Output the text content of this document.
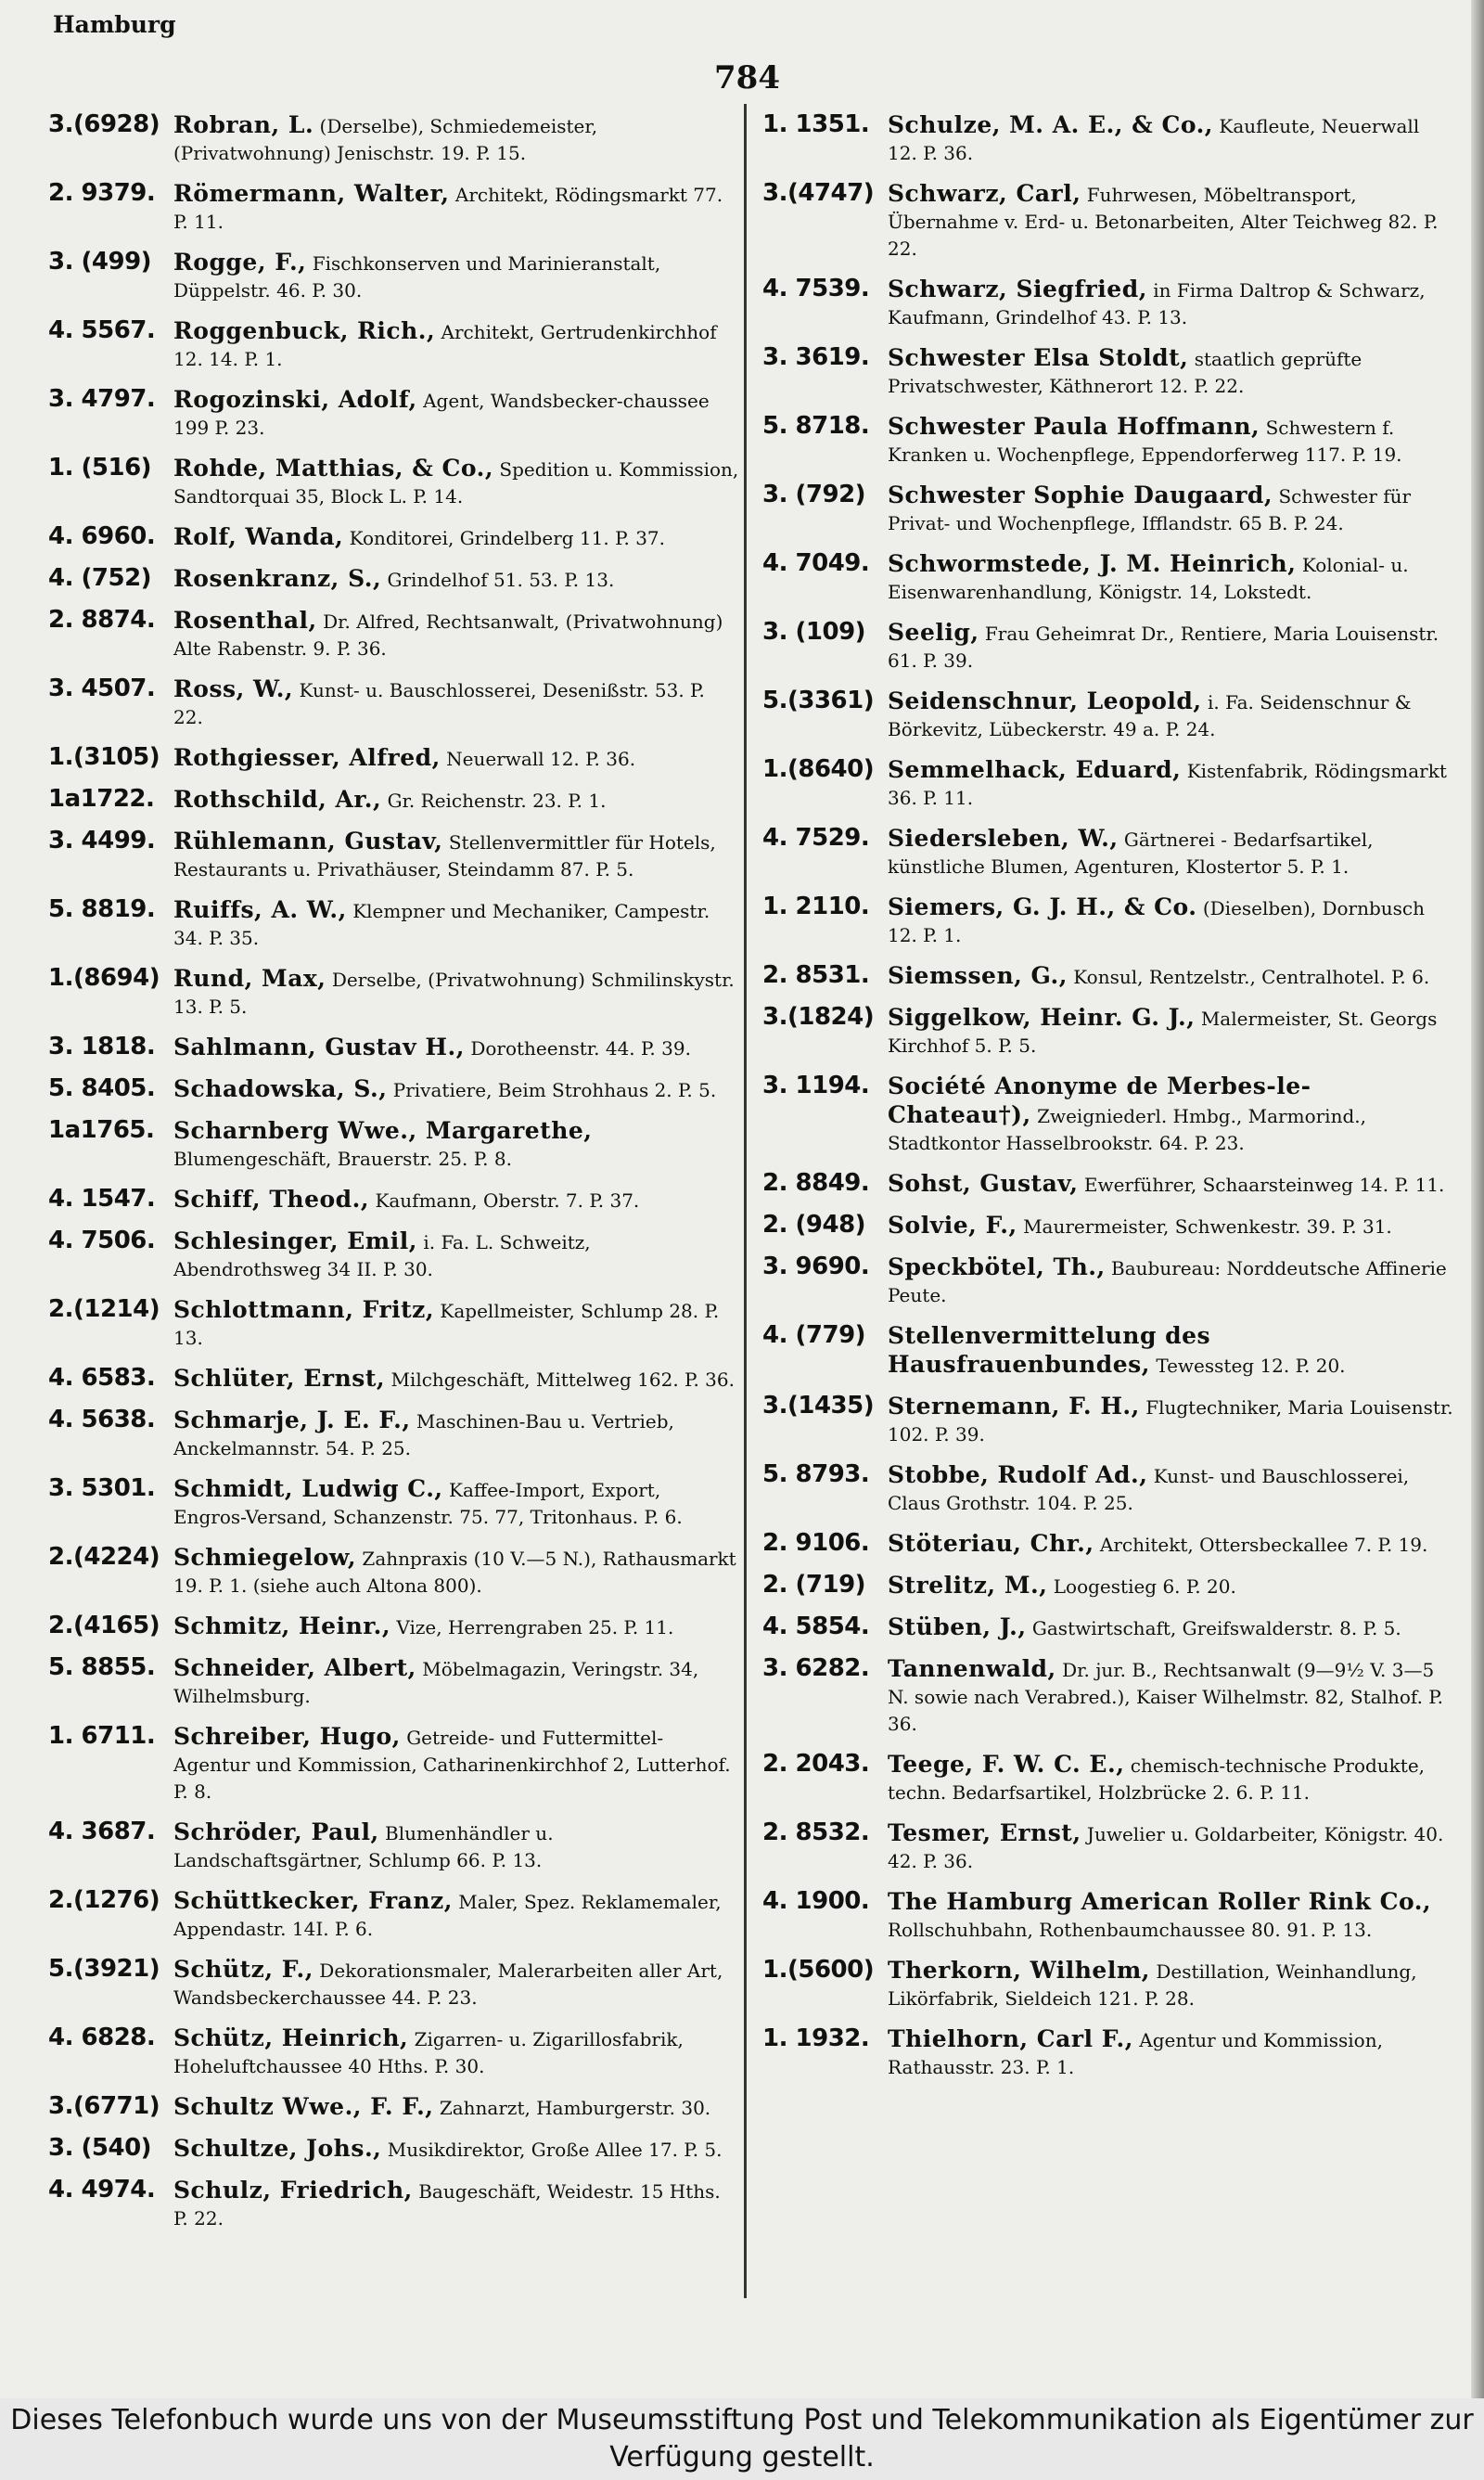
Hamburg
784
3.(6928) Robran, L. (Derselbe), Schmiedemeister, (Privatwohnung) Jenischstr. 19. P. 15.
2. 9379. Römermann, Walter, Architekt, Rödingsmarkt 77. P. 11.
3. (499) Rogge, F., Fischkonserven und Marinieranstalt, Düppelstr. 46. P. 30.
4. 5567. Roggenbuck, Rich., Architekt, Gertrudenkirchhof 12. 14. P. 1.
3. 4797. Rogozinski, Adolf, Agent, Wandsbecker-chaussee 199 P. 23.
1. (516) Rohde, Matthias, & Co., Spedition u. Kommission, Sandtorquai 35, Block L. P. 14.
4. 6960. Rolf, Wanda, Konditorei, Grindelberg 11. P. 37.
4. (752) Rosenkranz, S., Grindelhof 51. 53. P. 13.
2. 8874. Rosenthal, Dr. Alfred, Rechtsanwalt, (Privatwohnung) Alte Rabenstr. 9. P. 36.
3. 4507. Ross, W., Kunst- u. Bauschlosserei, Desenißstr. 53. P. 22.
1.(3105) Rothgiesser, Alfred, Neuerwall 12. P. 36.
1a1722. Rothschild, Ar., Gr. Reichenstr. 23. P. 1.
3. 4499. Rühlemann, Gustav, Stellenvermittler für Hotels, Restaurants u. Privathäuser, Steindamm 87. P. 5.
5. 8819. Ruiffs, A. W., Klempner und Mechaniker, Campestr. 34. P. 35.
1.(8694) Rund, Max, Derselbe, (Privatwohnung) Schmilinskystr. 13. P. 5.
3. 1818. Sahlmann, Gustav H., Dorotheenstr. 44. P. 39.
5. 8405. Schadowska, S., Privatiere, Beim Strohhaus 2. P. 5.
1a1765. Scharnberg Wwe., Margarethe, Blumengeschäft, Brauerstr. 25. P. 8.
4. 1547. Schiff, Theod., Kaufmann, Oberstr. 7. P. 37.
4. 7506. Schlesinger, Emil, i. Fa. L. Schweitz, Abendrothsweg 34 II. P. 30.
2.(1214) Schlottmann, Fritz, Kapellmeister, Schlump 28. P. 13.
4. 6583. Schlüter, Ernst, Milchgeschäft, Mittelweg 162. P. 36.
4. 5638. Schmarje, J. E. F., Maschinen-Bau u. Vertrieb, Anckelmannstr. 54. P. 25.
3. 5301. Schmidt, Ludwig C., Kaffee-Import, Export, Engros-Versand, Schanzenstr. 75. 77, Tritonhaus. P. 6.
2.(4224) Schmiegelow, Zahnpraxis (10 V.—5 N.), Rathausmarkt 19. P. 1. (siehe auch Altona 800).
2.(4165) Schmitz, Heinr., Vize, Herrengraben 25. P. 11.
5. 8855. Schneider, Albert, Möbelmagazin, Veringstr. 34, Wilhelmsburg.
1. 6711. Schreiber, Hugo, Getreide- und Futtermittel-Agentur und Kommission, Catharinenkirchhof 2, Lutterhof. P. 8.
4. 3687. Schröder, Paul, Blumenhändler u. Landschaftsgärtner, Schlump 66. P. 13.
2.(1276) Schüttkecker, Franz, Maler, Spez. Reklamemaler, Appendastr. 14I. P. 6.
5.(3921) Schütz, F., Dekorationsmaler, Malerarbeiten aller Art, Wandsbeckerchaussee 44. P. 23.
4. 6828. Schütz, Heinrich, Zigarren- u. Zigarillosfabrik, Hoheluftchaussee 40 Hths. P. 30.
3.(6771) Schultz Wwe., F. F., Zahnarzt, Hamburgerstr. 30.
3. (540) Schultze, Johs., Musikdirektor, Große Allee 17. P. 5.
4. 4974. Schulz, Friedrich, Baugeschäft, Weidestr. 15 Hths. P. 22.
1. 1351. Schulze, M. A. E., & Co., Kaufleute, Neuerwall 12. P. 36.
3.(4747) Schwarz, Carl, Fuhrwesen, Möbeltransport, Übernahme v. Erd- u. Betonarbeiten, Alter Teichweg 82. P. 22.
4. 7539. Schwarz, Siegfried, in Firma Daltrop & Schwarz, Kaufmann, Grindelhof 43. P. 13.
3. 3619. Schwester Elsa Stoldt, staatlich geprüfte Privatschwester, Käthnerort 12. P. 22.
5. 8718. Schwester Paula Hoffmann, Schwestern f. Kranken u. Wochenpflege, Eppendorferweg 117. P. 19.
3. (792) Schwester Sophie Daugaard, Schwester für Privat- und Wochenpflege, Ifflandstr. 65 B. P. 24.
4. 7049. Schwormstede, J. M. Heinrich, Kolonial- u. Eisenwarenhandlung, Königstr. 14, Lokstedt.
3. (109) Seelig, Frau Geheimrat Dr., Rentiere, Maria Louisenstr. 61. P. 39.
5.(3361) Seidenschnur, Leopold, i. Fa. Seidenschnur & Börkevitz, Lübeckerstr. 49 a. P. 24.
1.(8640) Semmelhack, Eduard, Kistenfabrik, Rödingsmarkt 36. P. 11.
4. 7529. Siedersleben, W., Gärtnerei - Bedarfsartikel, künstliche Blumen, Agenturen, Klostertor 5. P. 1.
1. 2110. Siemers, G. J. H., & Co. (Dieselben), Dornbusch 12. P. 1.
2. 8531. Siemssen, G., Konsul, Rentzelstr., Centralhotel. P. 6.
3.(1824) Siggelkow, Heinr. G. J., Malermeister, St. Georgs Kirchhof 5. P. 5.
3. 1194. Société Anonyme de Merbes-le-Chateau†), Zweigniederl. Hmbg., Marmorind., Stadtkontor Hasselbrookstr. 64. P. 23.
2. 8849. Sohst, Gustav, Ewerführer, Schaarsteinweg 14. P. 11.
2. (948) Solvie, F., Maurermeister, Schwenkestr. 39. P. 31.
3. 9690. Speckbötel, Th., Baubureau: Norddeutsche Affinerie Peute.
4. (779) Stellenvermittelung des Hausfrauenbundes, Tewessteg 12. P. 20.
3.(1435) Sternemann, F. H., Flugtechniker, Maria Louisenstr. 102. P. 39.
5. 8793. Stobbe, Rudolf Ad., Kunst- und Bauschlosserei, Claus Grothstr. 104. P. 25.
2. 9106. Stöteriau, Chr., Architekt, Ottersbeckallee 7. P. 19.
2. (719) Strelitz, M., Loogestieg 6. P. 20.
4. 5854. Stüben, J., Gastwirtschaft, Greifswalderstr. 8. P. 5.
3. 6282. Tannenwald, Dr. jur. B., Rechtsanwalt (9—9½ V. 3—5 N. sowie nach Verabred.), Kaiser Wilhelmstr. 82, Stalhof. P. 36.
2. 2043. Teege, F. W. C. E., chemisch-technische Produkte, techn. Bedarfsartikel, Holzbrücke 2. 6. P. 11.
2. 8532. Tesmer, Ernst, Juwelier u. Goldarbeiter, Königstr. 40. 42. P. 36.
4. 1900. The Hamburg American Roller Rink Co., Rollschuhbahn, Rothenbaumchaussee 80. 91. P. 13.
1.(5600) Therkorn, Wilhelm, Destillation, Weinhandlung, Likörfabrik, Sieldeich 121. P. 28.
1. 1932. Thielhorn, Carl F., Agentur und Kommission, Rathausstr. 23. P. 1.
Dieses Telefonbuch wurde uns von der Museumsstiftung Post und Telekommunikation als Eigentümer zur Verfügung gestellt.
